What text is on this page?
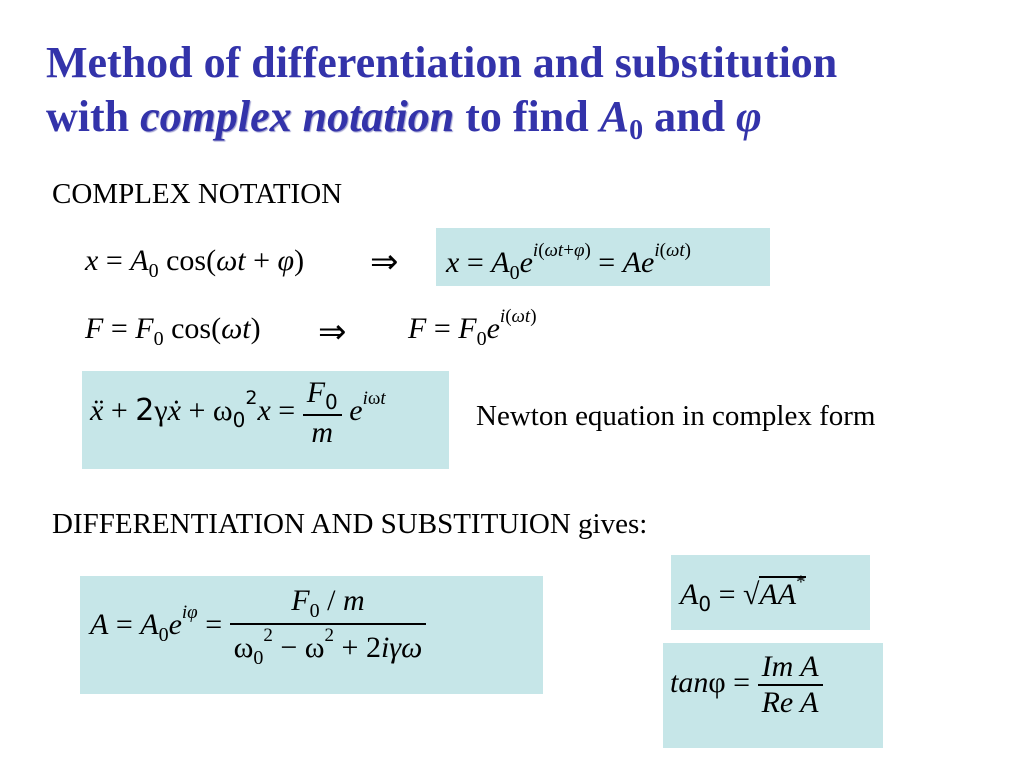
Method of differentiation and substitution
with complex notation to find $A_0$ and φ
COMPLEX NOTATION
$x = A_0$ cos(ωt + φ) ⇒ $x = A_0e^{i(\omega t+\varphi)} = Ae^{i(\omega t)}$
$F = F_0$ cos(ωt) ⇒ $F = F_0e^{i(\omega t)}$
ẍ + 2γẋ + $\omega_0^2x = \frac{F_0}{m} e^{i\omega t}$
Newton equation in complex form
DIFFERENTIATION AND SUBSTITUION gives:
$A = A_0e^{i\varphi} = \frac{F_0 / m}{\omega_0^2 - \omega^2 + 2i\gamma\omega}$	$A_0 = √AA^*$
$\tan\varphi = \frac{\text{Im A}}{\text{Re A}}$
